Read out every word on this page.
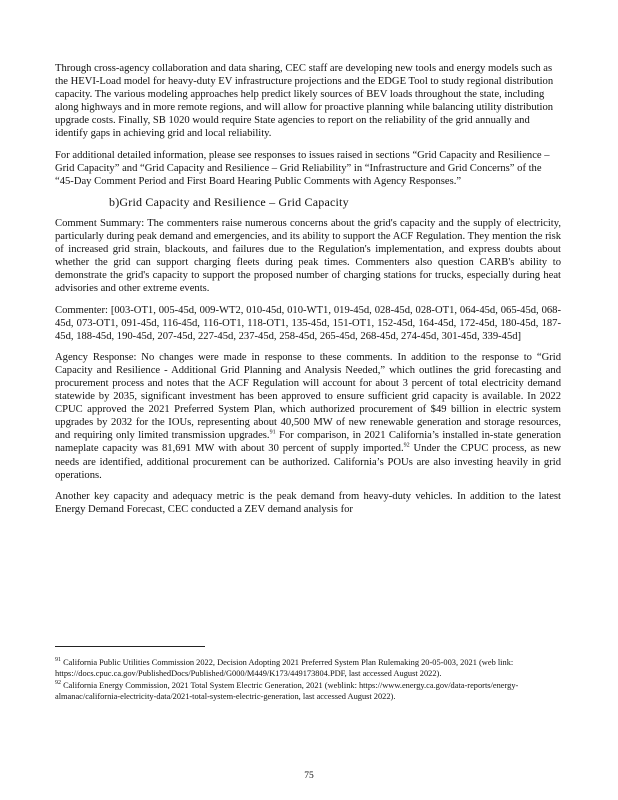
Through cross-agency collaboration and data sharing, CEC staff are developing new tools and energy models such as the HEVI-Load model for heavy-duty EV infrastructure projections and the EDGE Tool to study regional distribution capacity. The various modeling approaches help predict likely sources of BEV loads throughout the state, including along highways and in more remote regions, and will allow for proactive planning while balancing utility distribution upgrade costs. Finally, SB 1020 would require State agencies to report on the reliability of the grid annually and identify gaps in achieving grid and local reliability.

For additional detailed information, please see responses to issues raised in sections “Grid Capacity and Resilience – Grid Capacity” and “Grid Capacity and Resilience – Grid Reliability” in “Infrastructure and Grid Concerns” of the “45-Day Comment Period and First Board Hearing Public Comments with Agency Responses.”

b)Grid Capacity and Resilience – Grid Capacity

Comment Summary: The commenters raise numerous concerns about the grid's capacity and the supply of electricity, particularly during peak demand and emergencies, and its ability to support the ACF Regulation. They mention the risk of increased grid strain, blackouts, and failures due to the Regulation's implementation, and express doubts about whether the grid can support charging fleets during peak times. Commenters also question CARB's ability to demonstrate the grid's capacity to support the proposed number of charging stations for trucks, especially during heat advisories and other extreme events.

Commenter: [003-OT1, 005-45d, 009-WT2, 010-45d, 010-WT1, 019-45d, 028-45d, 028-OT1, 064-45d, 065-45d, 068-45d, 073-OT1, 091-45d, 116-45d, 116-OT1, 118-OT1, 135-45d, 151-OT1, 152-45d, 164-45d, 172-45d, 180-45d, 187-45d, 188-45d, 190-45d, 207-45d, 227-45d, 237-45d, 258-45d, 265-45d, 268-45d, 274-45d, 301-45d, 339-45d]

Agency Response: No changes were made in response to these comments. In addition to the response to “Grid Capacity and Resilience - Additional Grid Planning and Analysis Needed,” which outlines the grid forecasting and procurement process and notes that the ACF Regulation will account for about 3 percent of total electricity demand statewide by 2035, significant investment has been approved to ensure sufficient grid capacity is available. In 2022 CPUC approved the 2021 Preferred System Plan, which authorized procurement of $49 billion in electric system upgrades by 2032 for the IOUs, representing about 40,500 MW of new renewable generation and storage resources, and requiring only limited transmission upgrades.$^{91}$ For comparison, in 2021 California’s installed in-state generation nameplate capacity was 81,691 MW with about 30 percent of supply imported.$^{92}$ Under the CPUC process, as new needs are identified, additional procurement can be authorized. California’s POUs are also investing heavily in grid operations.

Another key capacity and adequacy metric is the peak demand from heavy-duty vehicles. In addition to the latest Energy Demand Forecast, CEC conducted a ZEV demand analysis for

$^{91}$ California Public Utilities Commission 2022, Decision Adopting 2021 Preferred System Plan Rulemaking 20-05-003, 2021 (web link: https://docs.cpuc.ca.gov/PublishedDocs/Published/G000/M449/K173/449173804.PDF, last accessed August 2022).
$^{92}$ California Energy Commission, 2021 Total System Electric Generation, 2021 (weblink: https://www.energy.ca.gov/data-reports/energy-almanac/california-electricity-data/2021-total-system-electric-generation, last accessed August 2022).
75
